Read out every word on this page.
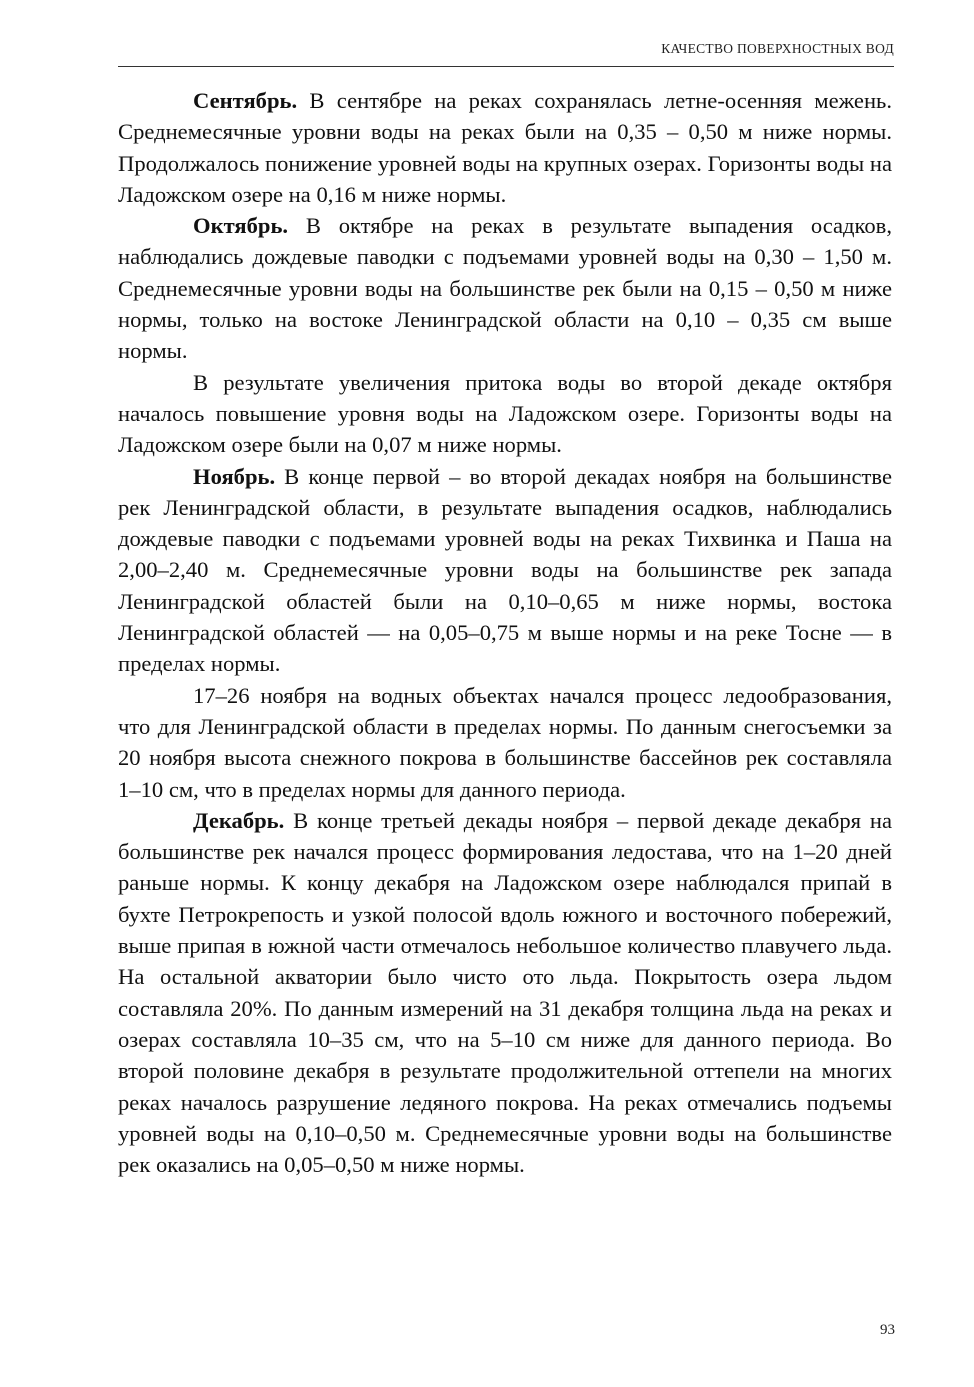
КАЧЕСТВО ПОВЕРХНОСТНЫХ ВОД

Сентябрь. В сентябре на реках сохранялась летне-осенняя межень. Среднемесячные уровни воды на реках были на 0,35 – 0,50 м ниже нормы. Продолжалось понижение уровней воды на крупных озерах. Горизонты воды на Ладожском озере на 0,16 м ниже нормы.

Октябрь. В октябре на реках в результате выпадения осадков, наблюдались дождевые паводки с подъемами уровней воды на 0,30 – 1,50 м. Среднемесячные уровни воды на большинстве рек были на 0,15 – 0,50 м ниже нормы, только на востоке Ленинградской области на 0,10 – 0,35 см выше нормы.

В результате увеличения притока воды во второй декаде октября началось повышение уровня воды на Ладожском озере. Горизонты воды на Ладожском озере были на 0,07 м ниже нормы.

Ноябрь. В конце первой – во второй декадах ноября на большинстве рек Ленинградской области, в результате выпадения осадков, наблюдались дождевые паводки с подъемами уровней воды на реках Тихвинка и Паша на 2,00–2,40 м. Среднемесячные уровни воды на большинстве рек запада Ленинградской областей были на 0,10–0,65 м ниже нормы, востока Ленинградской областей — на 0,05–0,75 м выше нормы и на реке Тосне — в пределах нормы.

17–26 ноября на водных объектах начался процесс ледообразования, что для Ленинградской области в пределах нормы. По данным снегосъемки за 20 ноября высота снежного покрова в большинстве бассейнов рек составляла 1–10 см, что в пределах нормы для данного периода.

Декабрь. В конце третьей декады ноября – первой декаде декабря на большинстве рек начался процесс формирования ледостава, что на 1–20 дней раньше нормы. К концу декабря на Ладожском озере наблюдался припай в бухте Петрокрепость и узкой полосой вдоль южного и восточного побережий, выше припая в южной части отмечалось небольшое количество плавучего льда. На остальной акватории было чисто ото льда. Покрытость озера льдом составляла 20%. По данным измерений на 31 декабря толщина льда на реках и озерах составляла 10–35 см, что на 5–10 см ниже для данного периода. Во второй половине декабря в результате продолжительной оттепели на многих реках началось разрушение ледяного покрова. На реках отмечались подъемы уровней воды на 0,10–0,50 м. Среднемесячные уровни воды на большинстве рек оказались на 0,05–0,50 м ниже нормы.

93
